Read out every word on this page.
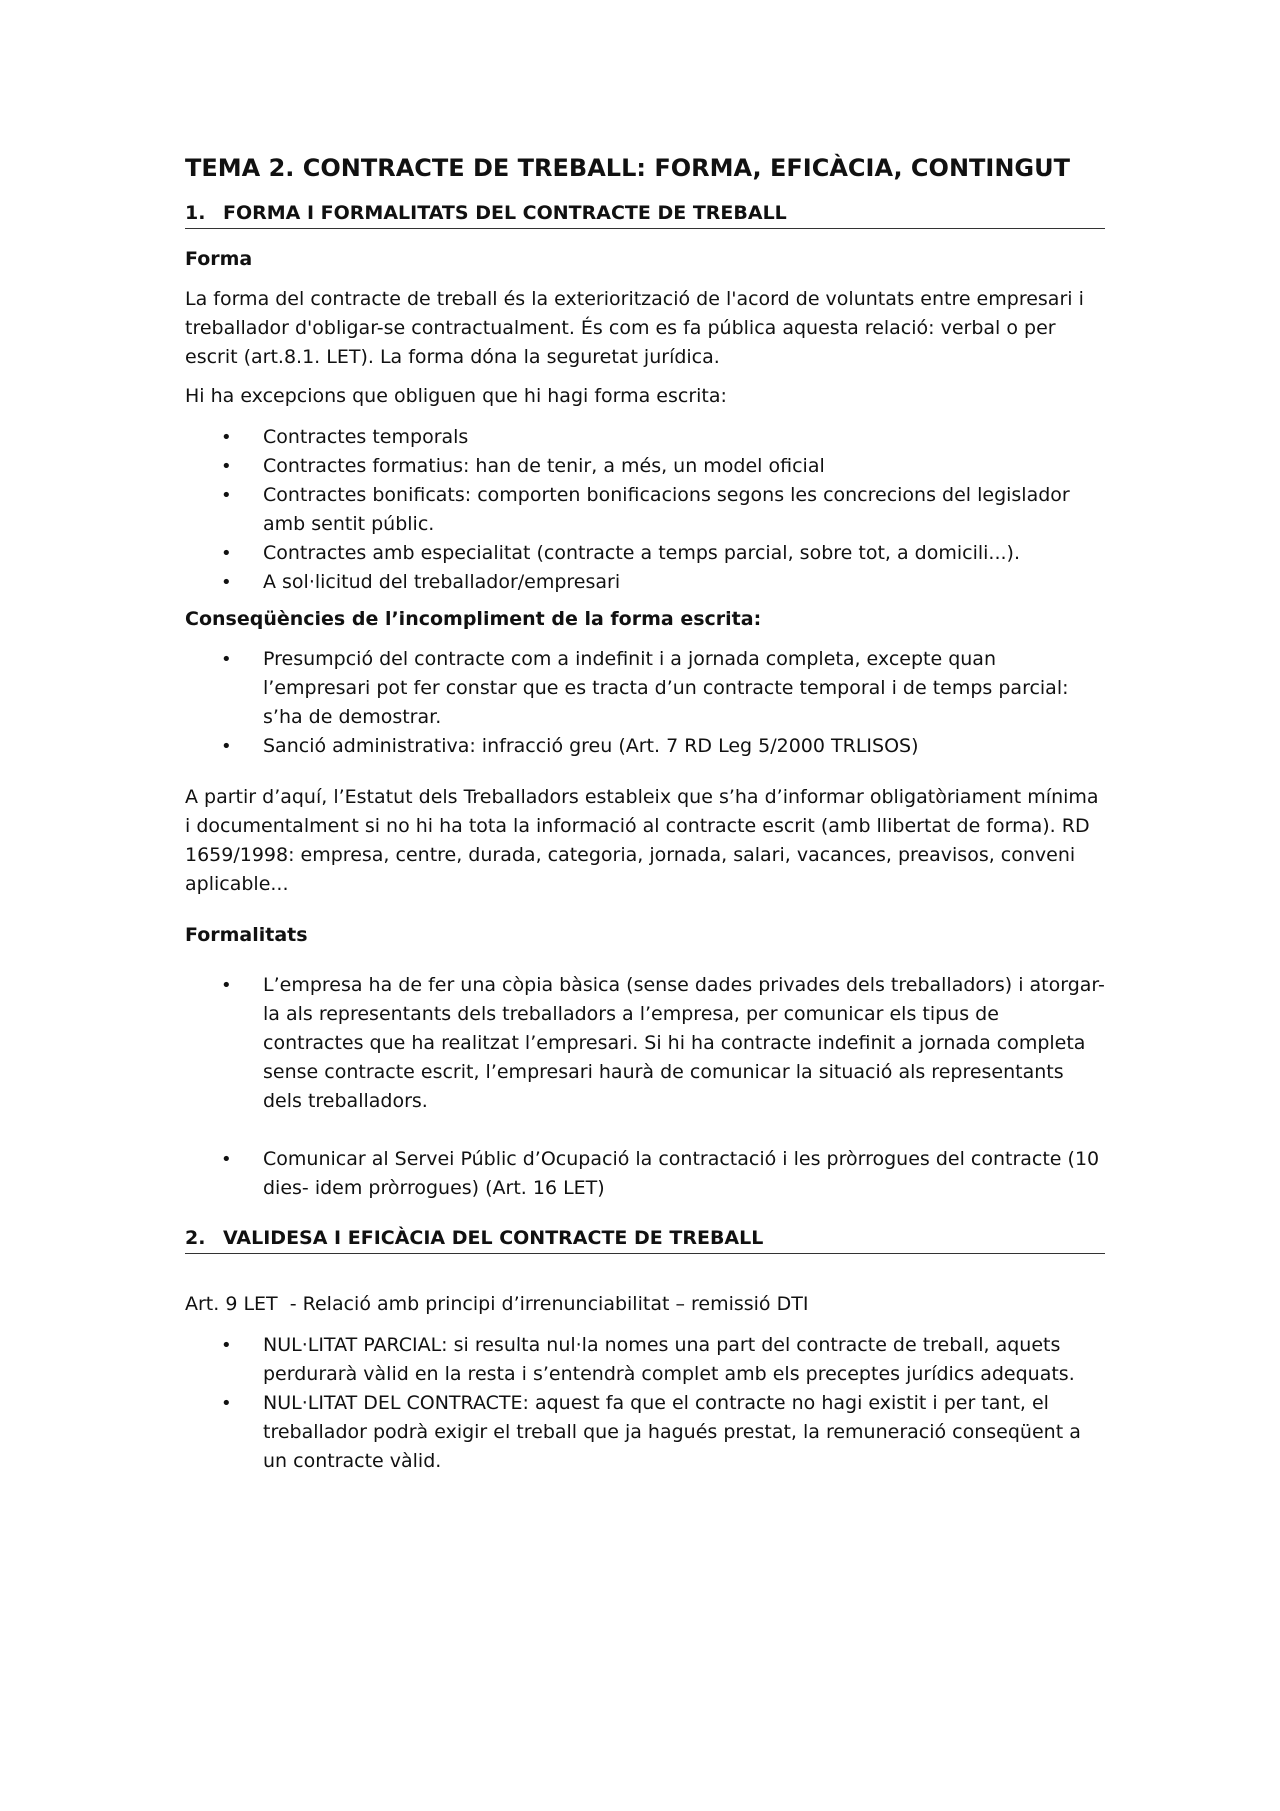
TEMA 2. CONTRACTE DE TREBALL: FORMA, EFICÀCIA, CONTINGUT
1. FORMA I FORMALITATS DEL CONTRACTE DE TREBALL
Forma

La forma del contracte de treball és la exteriorització de l'acord de voluntats entre empresari i treballador d'obligar-se contractualment. És com es fa pública aquesta relació: verbal o per escrit (art.8.1. LET). La forma dóna la seguretat jurídica.

Hi ha excepcions que obliguen que hi hagi forma escrita:

• Contractes temporals
• Contractes formatius: han de tenir, a més, un model oficial
• Contractes bonificats: comporten bonificacions segons les concrecions del legislador amb sentit públic.
• Contractes amb especialitat (contracte a temps parcial, sobre tot, a domicili...).
• A sol·licitud del treballador/empresari
Conseqüències de l’incompliment de la forma escrita:
• Presumpció del contracte com a indefinit i a jornada completa, excepte quan l’empresari pot fer constar que es tracta d’un contracte temporal i de temps parcial: s’ha de demostrar.
• Sanció administrativa: infracció greu (Art. 7 RD Leg 5/2000 TRLISOS)

A partir d’aquí, l’Estatut dels Treballadors estableix que s’ha d’informar obligatòriament mínima i documentalment si no hi ha tota la informació al contracte escrit (amb llibertat de forma). RD 1659/1998: empresa, centre, durada, categoria, jornada, salari, vacances, preavisos, conveni aplicable...

Formalitats
• L’empresa ha de fer una còpia bàsica (sense dades privades dels treballadors) i atorgar-la als representants dels treballadors a l’empresa, per comunicar els tipus de contractes que ha realitzat l’empresari. Si hi ha contracte indefinit a jornada completa sense contracte escrit, l’empresari haurà de comunicar la situació als representants dels treballadors.
• Comunicar al Servei Públic d’Ocupació la contractació i les pròrrogues del contracte (10 dies- idem pròrrogues) (Art. 16 LET)
2. VALIDESA I EFICÀCIA DEL CONTRACTE DE TREBALL

Art. 9 LET  - Relació amb principi d’irrenunciabilitat – remissió DTI

• NUL·LITAT PARCIAL: si resulta nul·la nomes una part del contracte de treball, aquets perdurarà vàlid en la resta i s’entendrà complet amb els preceptes jurídics adequats.
• NUL·LITAT DEL CONTRACTE: aquest fa que el contracte no hagi existit i per tant, el treballador podrà exigir el treball que ja hagués prestat, la remuneració conseqüent a un contracte vàlid.
